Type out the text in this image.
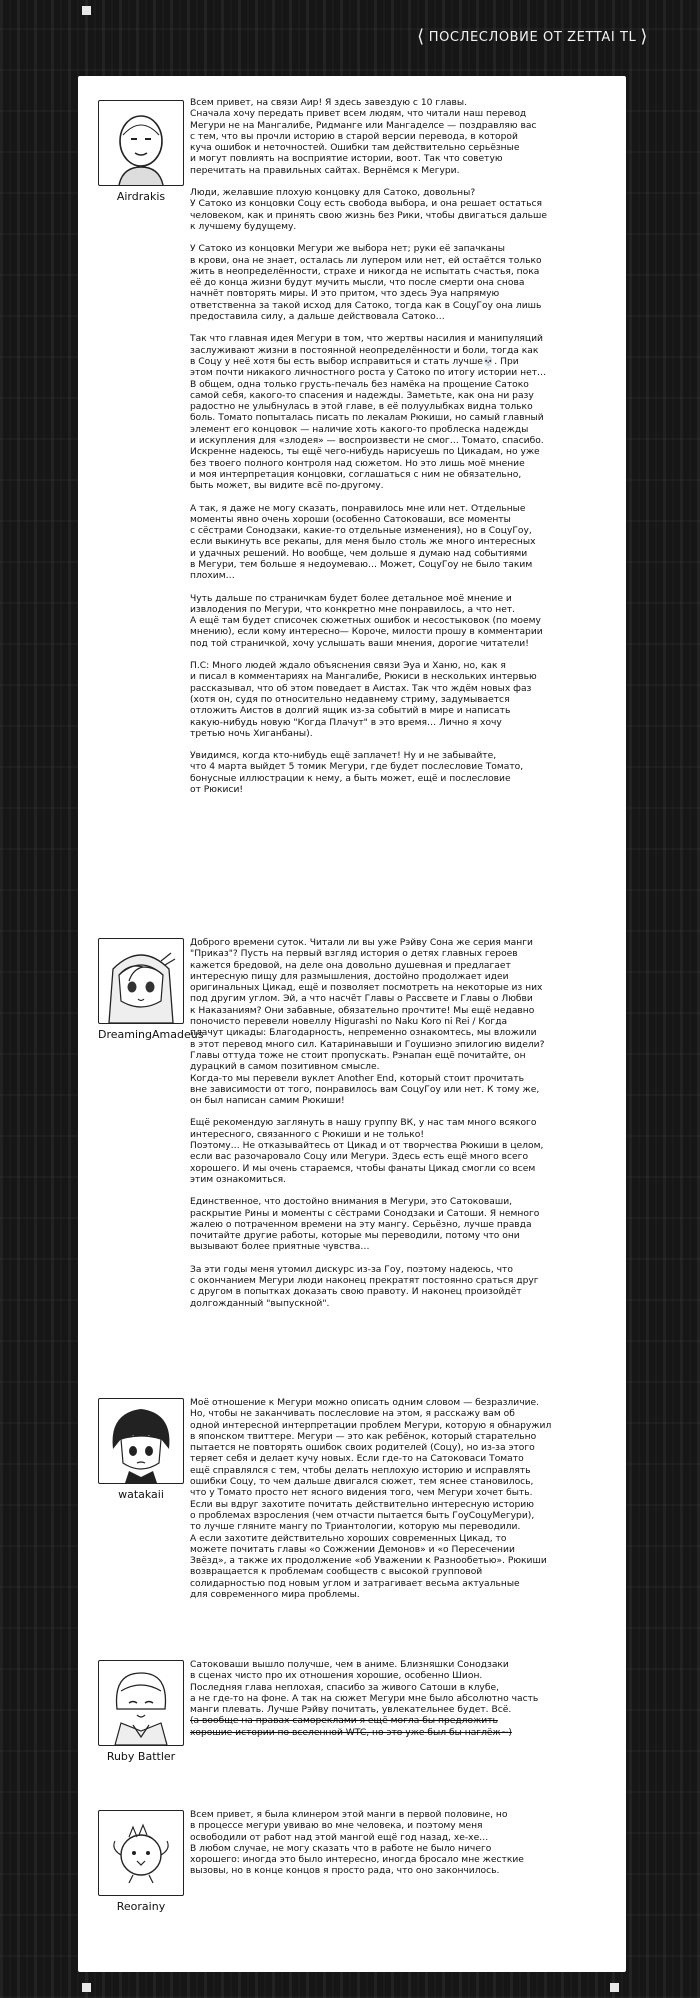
⟨ ПОСЛЕСЛОВИЕ ОТ ZETTAI TL ⟩
Airdrakis

Всем привет, на связи Аир! Я здесь завездую с 10 главы.
Сначала хочу передать привет всем людям, что читали наш перевод
Мегури не на Мангалибе, Ридмангe или Мангаделсе — поздравляю вас
с тем, что вы прочли историю в старой версии перевода, в которой
куча ошибок и неточностей. Ошибки там действительно серьёзные
и могут повлиять на восприятие истории, воот. Так что советую
перечитать на правильных сайтах. Вернёмся к Мегури.

Люди, желавшие плохую концовку для Сатоко, довольны?
У Сатоко из концовки Соцу есть свобода выбора, и она решает остаться
человеком, как и принять свою жизнь без Рики, чтобы двигаться дальше
к лучшему будущему.

У Сатоко из концовки Мегури же выбора нет; руки её запачканы
в крови, она не знает, осталась ли лупером или нет, ей остаётся только
жить в неопределённости, страхе и никогда не испытать счастья, пока
её до конца жизни будут мучить мысли, что после смерти она снова
начнёт повторять миры. И это притом, что здесь Эуа напрямую
ответственна за такой исход для Сатоко, тогда как в СоцуГоу она лишь
предоставила силу, а дальше действовала Сатоко…

Так что главная идея Мегури в том, что жертвы насилия и манипуляций
заслуживают жизни в постоянной неопределённости и боли, тогда как
в Соцу у неё хотя бы есть выбор исправиться и стать лучше💀. При
этом почти никакого личностного роста у Сатоко по итогу истории нет…
В общем, одна только грусть-печаль без намёка на прощение Сатоко
самой себя, какого-то спасения и надежды. Заметьте, как она ни разу
радостно не улыбнулась в этой главе, в её полуулыбках видна только
боль. Томато попыталась писать по лекалам Рюкиши, но самый главный
элемент его концовок — наличие хоть какого-то проблеска надежды
и искупления для «злодея» — воспроизвести не смог… Томато, спасибо.
Искренне надеюсь, ты ещё чего-нибудь нарисуешь по Цикадам, но уже
без твоего полного контроля над сюжетом. Но это лишь моё мнение
и моя интерпретация концовки, соглашаться с ним не обязательно,
быть может, вы видите всё по-другому.

А так, я даже не могу сказать, понравилось мне или нет. Отдельные
моменты явно очень хороши (особенно Сатоковаши, все моменты
с сёстрами Сонодзаки, какие-то отдельные изменения), но в СоцуГоу,
если выкинуть все рекапы, для меня было столь же много интересных
и удачных решений. Но вообще, чем дольше я думаю над событиями
в Мегури, тем больше я недоумеваю… Может, СоцуГоу не было таким
плохим…

Чуть дальше по страничкам будет более детальное моё мнение и
извлодения по Мегури, что конкретно мне понравилось, а что нет.
А ещё там будет списочек сюжетных ошибок и несостыковок (по моему
мнению), если кому интересно— Короче, милости прошу в комментарии
под той страничкой, хочу услышать ваши мнения, дорогие читатели!

П.С: Много людей ждало объяснения связи Эуа и Ханю, но, как я
и писал в комментариях на Мангалибе, Рюкиси в нескольких интервью
рассказывал, что об этом поведает в Аистах. Так что ждём новых фаз
(хотя он, судя по относительно недавнему стриму, задумывается
отложить Аистов в долгий ящик из-за событий в мире и написать
какую-нибудь новую "Когда Плачут" в это время… Лично я хочу
третью ночь Хиганбаны).

Увидимся, когда кто-нибудь ещё заплачет! Ну и не забывайте,
что 4 марта выйдет 5 томик Мегури, где будет послесловие Томато,
бонусные иллюстрации к нему, а быть может, ещё и послесловие
от Рюкиси!

DreamingAmadeus

Доброго времени суток. Читали ли вы уже Рэйву Сона же серия манги
"Приказ"? Пусть на первый взгляд история о детях главных героев
кажется бредовой, на деле она довольно душевная и предлагает
интересную пищу для размышления, достойно продолжает идеи
оригинальных Цикад, ещё и позволяет посмотреть на некоторые из них
под другим углом. Эй, а что насчёт Главы о Рассвете и Главы о Любви
к Наказаниям? Они забавные, обязательно прочтите! Мы ещё недавно
поночисто перевели новеллу Higurashi no Naku Koro ni Rei / Когда
плачут цикады: Благодарность, непременно ознакомтесь, мы вложили
в этот перевод много сил. Катаринавыши и Гоушиэно эпилогию видели?
Главы оттуда тоже не стоит пропускать. Рэнапан ещё почитайте, он
дурацкий в самом позитивном смысле.
Когда-то мы перевели вуклет Another End, который стоит прочитать
вне зависимости от того, понравилось вам СоцуГоу или нет. К тому же,
он был написан самим Рюкиши!

Ещё рекомендую заглянуть в нашу группу ВК, у нас там много всякого
интересного, связанного с Рюкиши и не только!
Поэтому… Не отказывайтесь от Цикад и от творчества Рюкиши в целом,
если вас разочаровало Соцу или Мегури. Здесь есть ещё много всего
хорошего. И мы очень стараемся, чтобы фанаты Цикад смогли со всем
этим ознакомиться.

Единственное, что достойно внимания в Мегури, это Сатоковаши,
раскрытие Рины и моменты с сёстрами Сонодзаки и Сатоши. Я немного
жалею о потраченном времени на эту мангу. Серьёзно, лучше правда
почитайте другие работы, которые мы переводили, потому что они
вызывают более приятные чувства…

За эти годы меня утомил дискурс из-за Гоу, поэтому надеюсь, что
с окончанием Мегури люди наконец прекратят постоянно сраться друг
с другом в попытках доказать свою правоту. И наконец произойдёт
долгожданный "выпускной".

watakaii

Моё отношение к Мегури можно описать одним словом — безразличие.
Но, чтобы не заканчивать послесловие на этом, я расскажу вам об
одной интересной интерпретации проблем Мегури, которую я обнаружил
в японском твиттере. Мегури — это как ребёнок, который старательно
пытается не повторять ошибок своих родителей (Соцу), но из-за этого
теряет себя и делает кучу новых. Если где-то на Сатоковаси Томато
ещё справлялся с тем, чтобы делать неплохую историю и исправлять
ошибки Соцу, то чем дальше двигался сюжет, тем яснее становилось,
что у Томато просто нет ясного видения того, чем Мегури хочет быть.
Если вы вдруг захотите почитать действительно интересную историю
о проблемах взросления (чем отчасти пытается быть ГоуСоцуМегури),
то лучше гляните мангу по Триантологии, которую мы переводили.
А если захотите действительно хороших современных Цикад, то
можете почитать главы «о Сожжении Демонов» и «о Пересечении
Звёзд», а также их продолжение «об Уважении к Разнообетью». Рюкиши
возвращается к проблемам сообществ с высокой групповой
солидарностью под новым углом и затрагивает весьма актуальные
для современного мира проблемы.

Ruby Battler

Сатоковаши вышло получше, чем в аниме. Близняшки Сонодзаки
в сценах чисто про их отношения хорошие, особенно Шион.
Последняя глава неплохая, спасибо за живого Сатоши в клубе,
а не где-то на фоне. А так на сюжет Мегури мне было абсолютно часть
манги плевать. Лучше Рэйву почитать, увлекательнее будет. Всё.

(а вообще на правах самореклами я ещё могла бы предложить
хорошие истории по вселенной WTC, но это уже был бы наглёж~)

Reorainy

Всем привет, я была клинером этой манги в первой половине, но
в процессе мегури увиваю во мне человека, и поэтому меня
освободили от работ над этой мангой ещё год назад, хе-хе…
В любом случае, не могу сказать что в работе не было ничего
хорошего: иногда это было интересно, иногда бросало мне жесткие
вызовы, но в конце концов я просто рада, что оно закончилось.
